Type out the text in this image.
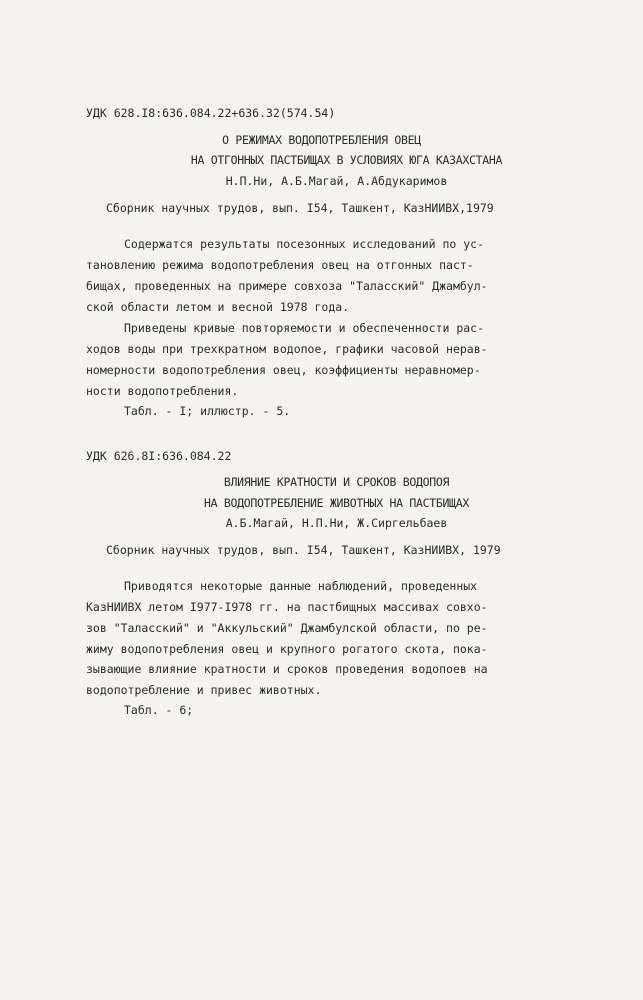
УДК 628.I8:636.084.22+636.32(574.54)
О РЕЖИМАХ ВОДОПОТРЕБЛЕНИЯ ОВЕЦ
НА ОТГОННЫХ ПАСТБИЩАХ В УСЛОВИЯХ ЮГА КАЗАХСТАНА
Н.П.Ни, А.Б.Магай, А.Абдукаримов
Сборник научных трудов, вып. I54, Ташкент, КазНИИВХ,1979
Содержатся результаты посезонных исследований по ус-
тановлению режима водопотребления овец на отгонных паст-
бищах, проведенных на примере совхоза "Таласский" Джамбул-
ской области летом и весной 1978 года.
Приведены кривые повторяемости и обеспеченности рас-
ходов воды при трехкратном водопое, графики часовой нерав-
номерности водопотребления овец, коэффициенты неравномер-
ности водопотребления.
Табл. - I; иллюстр. - 5.
УДК 626.8I:636.084.22
ВЛИЯНИЕ КРАТНОСТИ И СРОКОВ ВОДОПОЯ
НА ВОДОПОТРЕБЛЕНИЕ ЖИВОТНЫХ НА ПАСТБИЩАХ
А.Б.Магай, Н.П.Ни, Ж.Сиргельбаев
Сборник научных трудов, вып. I54, Ташкент, КазНИИВХ, 1979
Приводятся некоторые данные наблюдений, проведенных
КазНИИВХ летом I977-I978 гг. на пастбищных массивах совхо-
зов "Таласский" и "Аккульский" Джамбулской области, по ре-
жиму водопотребления овец и крупного рогатого скота, пока-
зывающие влияние кратности и сроков проведения водопоев на
водопотребление и привес животных.
Табл. - 6;
